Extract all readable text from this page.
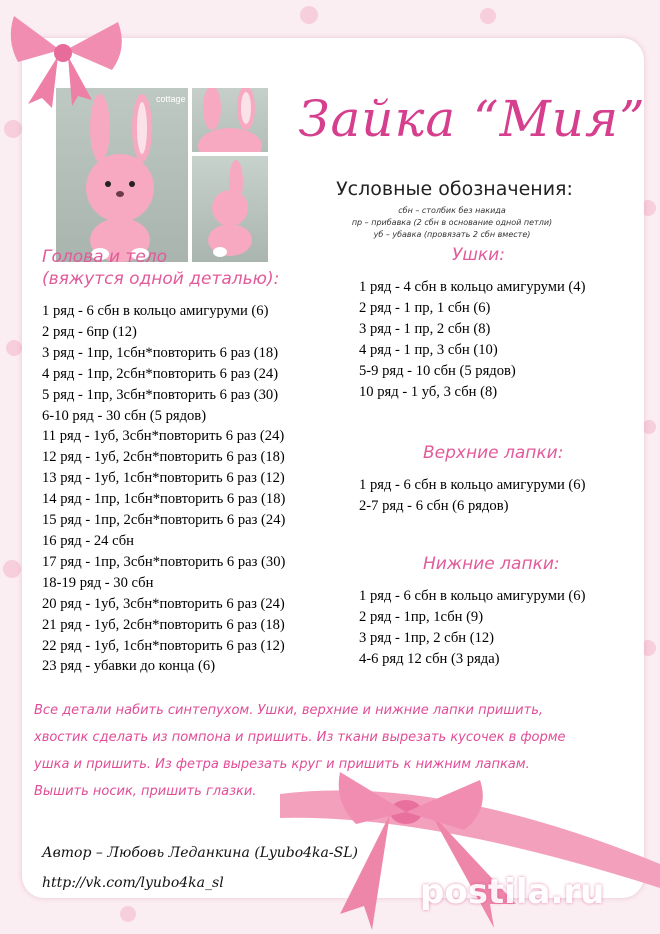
cottage Зайка “Мия”
Условные обозначения:
сбн – столбик без накида
пр – прибавка (2 сбн в основание одной петли)
уб – убавка (провязать 2 сбн вместе)
Голова и тело
(вяжутся одной деталью):
1 ряд - 6 сбн в кольцо амигуруми (6)
2 ряд - 6пр (12)
3 ряд - 1пр, 1сбн*повторить 6 раз (18)
4 ряд - 1пр, 2сбн*повторить 6 раз (24)
5 ряд - 1пр, 3сбн*повторить 6 раз (30)
6-10 ряд - 30 сбн (5 рядов)
11 ряд - 1уб, 3сбн*повторить 6 раз (24)
12 ряд - 1уб, 2сбн*повторить 6 раз (18)
13 ряд - 1уб, 1сбн*повторить 6 раз (12)
14 ряд - 1пр, 1сбн*повторить 6 раз (18)
15 ряд - 1пр, 2сбн*повторить 6 раз (24)
16 ряд - 24 сбн
17 ряд - 1пр, 3сбн*повторить 6 раз (30)
18-19 ряд - 30 сбн
20 ряд - 1уб, 3сбн*повторить 6 раз (24)
21 ряд - 1уб, 2сбн*повторить 6 раз (18)
22 ряд - 1уб, 1сбн*повторить 6 раз (12)
23 ряд - убавки до конца (6)
Ушки:
1 ряд - 4 сбн в кольцо амигуруми (4)
2 ряд - 1 пр, 1 сбн (6)
3 ряд - 1 пр, 2 сбн (8)
4 ряд - 1 пр, 3 сбн (10)
5-9 ряд - 10 сбн (5 рядов)
10 ряд - 1 уб, 3 сбн (8)
Верхние лапки:
1 ряд - 6 сбн в кольцо амигуруми (6)
2-7 ряд - 6 сбн (6 рядов)
Нижние лапки:
1 ряд - 6 сбн в кольцо амигуруми (6)
2 ряд - 1пр, 1сбн (9)
3 ряд - 1пр, 2 сбн (12)
4-6 ряд 12 сбн (3 ряда)
Все детали набить синтепухом. Ушки, верхние и нижние лапки пришить,
хвостик сделать из помпона и пришить. Из ткани вырезать кусочек в форме
ушка и пришить. Из фетра вырезать круг и пришить к нижним лапкам.
Вышить носик, пришить глазки.
Автор – Любовь Леданкина (Lyubo4ka-SL)
http://vk.com/lyubo4ka_sl	postila.ru
